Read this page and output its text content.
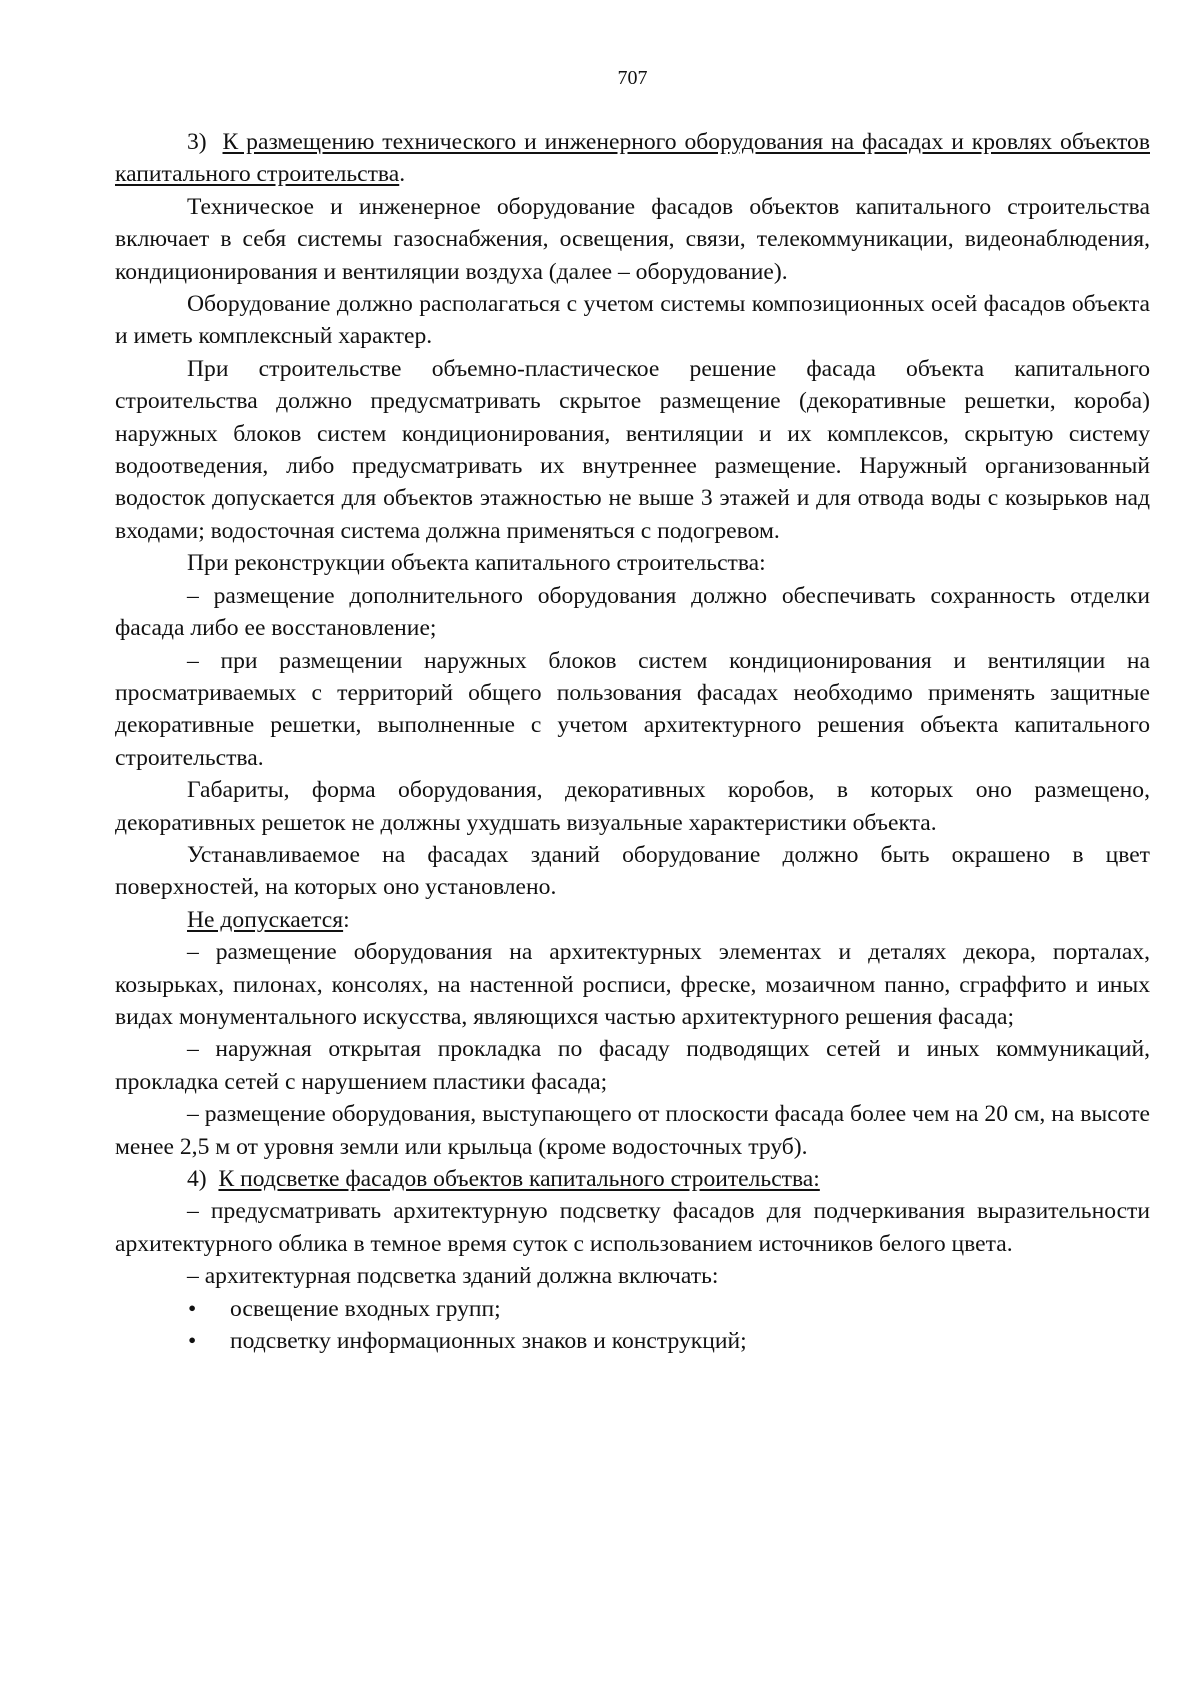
707

3) К размещению технического и инженерного оборудования на фасадах и кровлях объектов капитального строительства.

Техническое и инженерное оборудование фасадов объектов капитального строительства включает в себя системы газоснабжения, освещения, связи, телекоммуникации, видеонаблюдения, кондиционирования и вентиляции воздуха (далее – оборудование).

Оборудование должно располагаться с учетом системы композиционных осей фасадов объекта и иметь комплексный характер.

При строительстве объемно-пластическое решение фасада объекта капитального строительства должно предусматривать скрытое размещение (декоративные решетки, короба) наружных блоков систем кондиционирования, вентиляции и их комплексов, скрытую систему водоотведения, либо предусматривать их внутреннее размещение. Наружный организованный водосток допускается для объектов этажностью не выше 3 этажей и для отвода воды с козырьков над входами; водосточная система должна применяться с подогревом.

При реконструкции объекта капитального строительства:

– размещение дополнительного оборудования должно обеспечивать сохранность отделки фасада либо ее восстановление;

– при размещении наружных блоков систем кондиционирования и вентиляции на просматриваемых с территорий общего пользования фасадах необходимо применять защитные декоративные решетки, выполненные с учетом архитектурного решения объекта капитального строительства.

Габариты, форма оборудования, декоративных коробов, в которых оно размещено, декоративных решеток не должны ухудшать визуальные характеристики объекта.

Устанавливаемое на фасадах зданий оборудование должно быть окрашено в цвет поверхностей, на которых оно установлено.

Не допускается:

– размещение оборудования на архитектурных элементах и деталях декора, порталах, козырьках, пилонах, консолях, на настенной росписи, фреске, мозаичном панно, сграффито и иных видах монументального искусства, являющихся частью архитектурного решения фасада;

– наружная открытая прокладка по фасаду подводящих сетей и иных коммуникаций, прокладка сетей с нарушением пластики фасада;

– размещение оборудования, выступающего от плоскости фасада более чем на 20 см, на высоте менее 2,5 м от уровня земли или крыльца (кроме водосточных труб).

4) К подсветке фасадов объектов капитального строительства:

– предусматривать архитектурную подсветку фасадов для подчеркивания выразительности архитектурного облика в темное время суток с использованием источников белого цвета.

– архитектурная подсветка зданий должна включать:

• освещение входных групп;
• подсветку информационных знаков и конструкций;
